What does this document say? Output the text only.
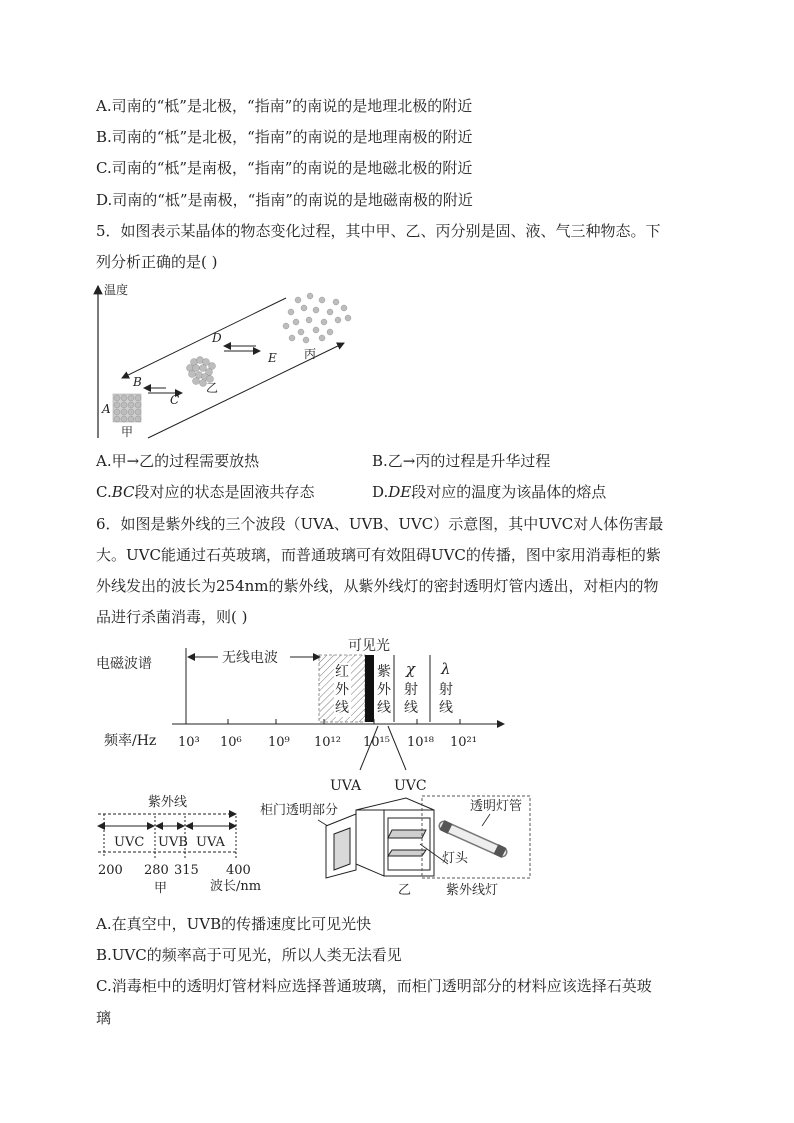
A.司南的“柢”是北极，“指南”的南说的是地理北极的附近
B.司南的“柢”是北极，“指南”的南说的是地理南极的附近
C.司南的“柢”是南极，“指南”的南说的是地磁北极的附近
D.司南的“柢”是南极，“指南”的南说的是地磁南极的附近
5．如图表示某晶体的物态变化过程，其中甲、乙、丙分别是固、液、气三种物态。下
列分析正确的是( )
温度
A
甲
B
C
乙
D
E 丙
A.甲→乙的过程需要放热	B.乙→丙的过程是升华过程
C.BC段对应的状态是固液共存态	D.DE段对应的温度为该晶体的熔点
6．如图是紫外线的三个波段（UVA、UVB、UVC）示意图，其中UVC对人体伤害最
大。UVC能通过石英玻璃，而普通玻璃可有效阻碍UVC的传播，图中家用消毒柜的紫
外线发出的波长为254nm的紫外线，从紫外线灯的密封透明灯管内透出，对柜内的物
品进行杀菌消毒，则( )
电磁波谱	无线电波
可见光
红
外
线
紫
外
线
χ
射
线
λ
射
线
频率/Hz 10³ 10⁶ 10⁹ 10¹² 10¹⁵ 10¹⁸ 10²¹
UVA UVC
紫外线
UVC UVB UVA
200 280 315 400
甲	波长/nm
柜门透明部分
乙
透明灯管
灯头
紫外线灯
A.在真空中，UVB的传播速度比可见光快
B.UVC的频率高于可见光，所以人类无法看见
C.消毒柜中的透明灯管材料应选择普通玻璃，而柜门透明部分的材料应该选择石英玻
璃
